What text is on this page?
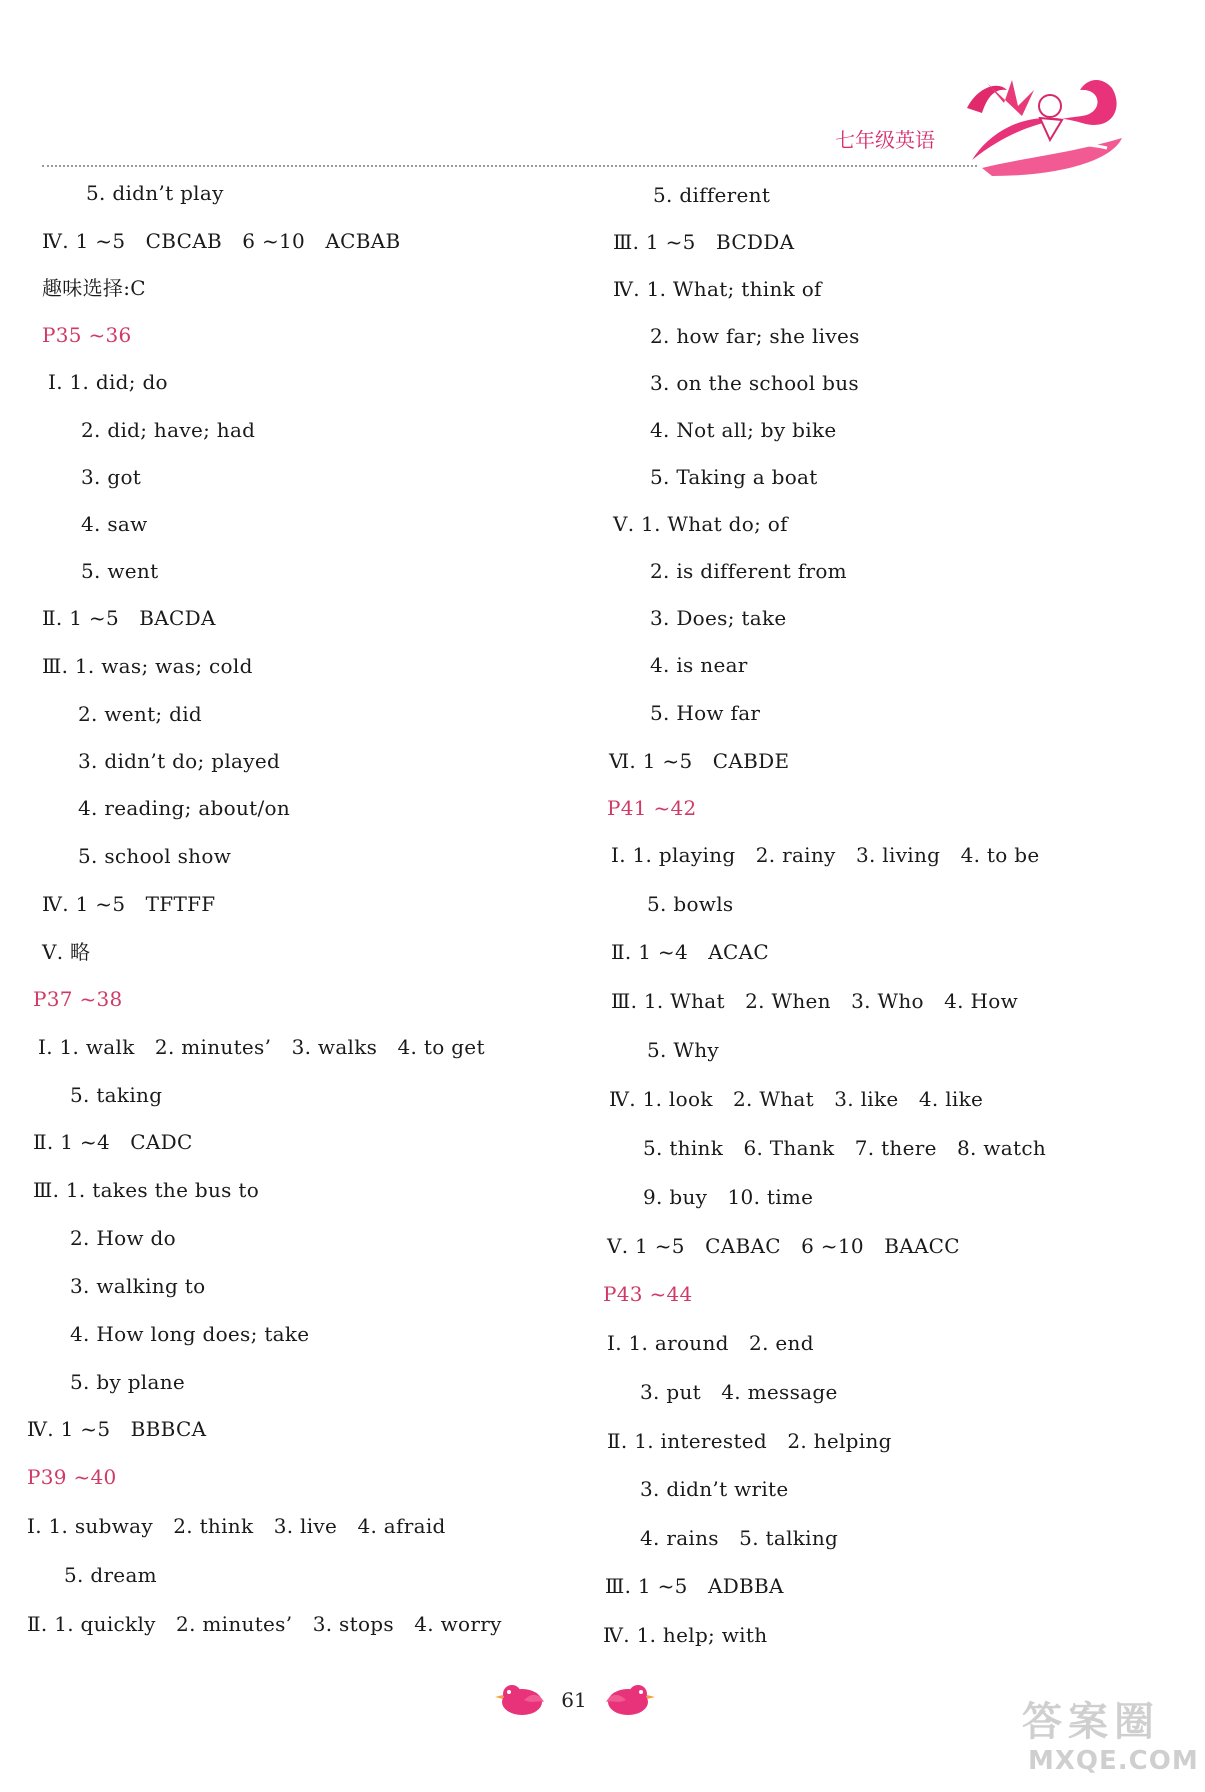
七年级英语
5. didn’t play
Ⅳ. 1 ~5　CBCAB　6 ~10　ACBAB
趣味选择:C
P35 ~36
Ⅰ. 1. did; do
2. did; have; had
3. got
4. saw
5. went
Ⅱ. 1 ~5　BACDA
Ⅲ. 1. was; was; cold
2. went; did
3. didn’t do; played
4. reading; about/on
5. school show
Ⅳ. 1 ~5　TFTFF
Ⅴ. 略
P37 ~38
Ⅰ. 1. walk　2. minutes’　3. walks　4. to get
5. taking
Ⅱ. 1 ~4　CADC
Ⅲ. 1. takes the bus to
2. How do
3. walking to
4. How long does; take
5. by plane
Ⅳ. 1 ~5　BBBCA
P39 ~40
Ⅰ. 1. subway　2. think　3. live　4. afraid
5. dream
Ⅱ. 1. quickly　2. minutes’　3. stops　4. worry
5. different
Ⅲ. 1 ~5　BCDDA
Ⅳ. 1. What; think of
2. how far; she lives
3. on the school bus
4. Not all; by bike
5. Taking a boat
Ⅴ. 1. What do; of
2. is different from
3. Does; take
4. is near
5. How far
Ⅵ. 1 ~5　CABDE
P41 ~42
Ⅰ. 1. playing　2. rainy　3. living　4. to be
5. bowls
Ⅱ. 1 ~4　ACAC
Ⅲ. 1. What　2. When　3. Who　4. How
5. Why
Ⅳ. 1. look　2. What　3. like　4. like
5. think　6. Thank　7. there　8. watch
9. buy　10. time
Ⅴ. 1 ~5　CABAC　6 ~10　BAACC
P43 ~44
Ⅰ. 1. around　2. end
3. put　4. message
Ⅱ. 1. interested　2. helping
3. didn’t write
4. rains　5. talking
Ⅲ. 1 ~5　ADBBA
Ⅳ. 1. help; with
61	答案圈
MXQE.COM
